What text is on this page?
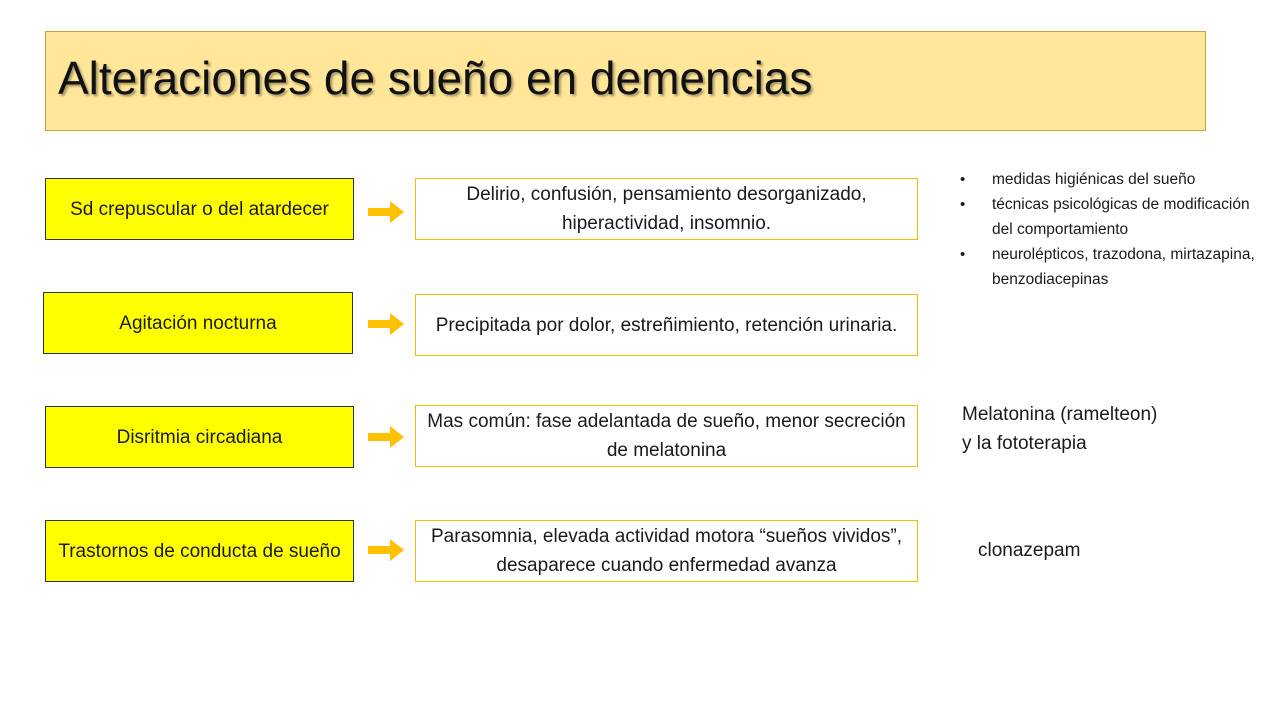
Alteraciones de sueño en demencias
Sd crepuscular o del atardecer
Delirio, confusión, pensamiento desorganizado, hiperactividad, insomnio.
Agitación nocturna	Precipitada por dolor, estreñimiento, retención urinaria.
Disritmia circadiana
Mas común: fase adelantada de sueño, menor secreción de melatonina
Trastornos de conducta de sueño
Parasomnia, elevada actividad motora “sueños vividos”, desaparece cuando enfermedad avanza
• medidas higiénicas del sueño
• técnicas psicológicas de modificación del comportamiento
• neurolépticos, trazodona, mirtazapina, benzodiacepinas
Melatonina (ramelteon)
y la fototerapia
clonazepam
